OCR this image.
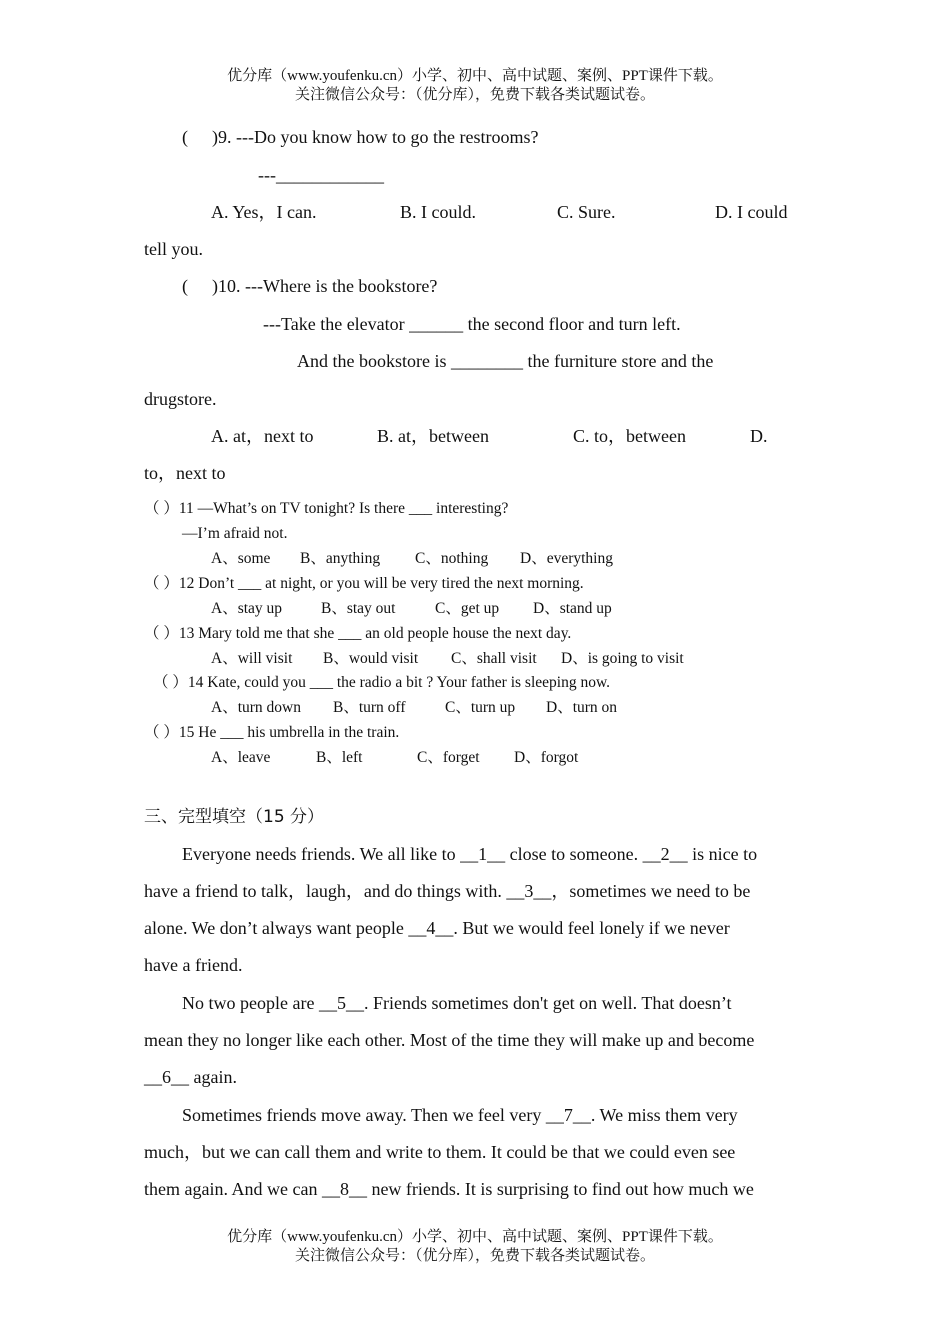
优分库（www.youfenku.cn）小学、初中、高中试题、案例、PPT课件下载。
关注微信公众号：（优分库），免费下载各类试题试卷。
( )9. ---Do you know how to go the restrooms?
---____________
A. Yes，I can.	B. I could.	C. Sure.	D. I could
tell you.
( )10. ---Where is the bookstore?
---Take the elevator ______ the second floor and turn left.
And the bookstore is ________ the furniture store and the
drugstore.
A. at，next to	B. at，between	C. to，between	D.
to，next to
（ ）11 —What’s on TV tonight? Is there ___ interesting?
—I’m afraid not.
A、some B、anything C、nothing D、everything
（ ）12 Don’t ___ at night, or you will be very tired the next morning.
A、stay up	B、stay out	C、get up D、stand up
（ ）13 Mary told me that she ___ an old people house the next day.
A、will visit B、would visit C、shall visit D、is going to visit
（ ）14 Kate, could you ___ the radio a bit ? Your father is sleeping now.
A、turn down B、turn off	C、turn up D、turn on
（ ）15 He ___ his umbrella in the train.
A、leave	B、left	C、forget D、forgot
三、完型填空（15 分）
Everyone needs friends. We all like to __1__ close to someone. __2__ is nice to
have a friend to talk，laugh，and do things with. __3__，sometimes we need to be
alone. We don’t always want people __4__. But we would feel lonely if we never
have a friend.
No two people are __5__. Friends sometimes don't get on well. That doesn’t
mean they no longer like each other. Most of the time they will make up and become
__6__ again.
Sometimes friends move away. Then we feel very __7__. We miss them very
much，but we can call them and write to them. It could be that we could even see
them again. And we can __8__ new friends. It is surprising to find out how much we
优分库（www.youfenku.cn）小学、初中、高中试题、案例、PPT课件下载。
关注微信公众号：（优分库），免费下载各类试题试卷。
